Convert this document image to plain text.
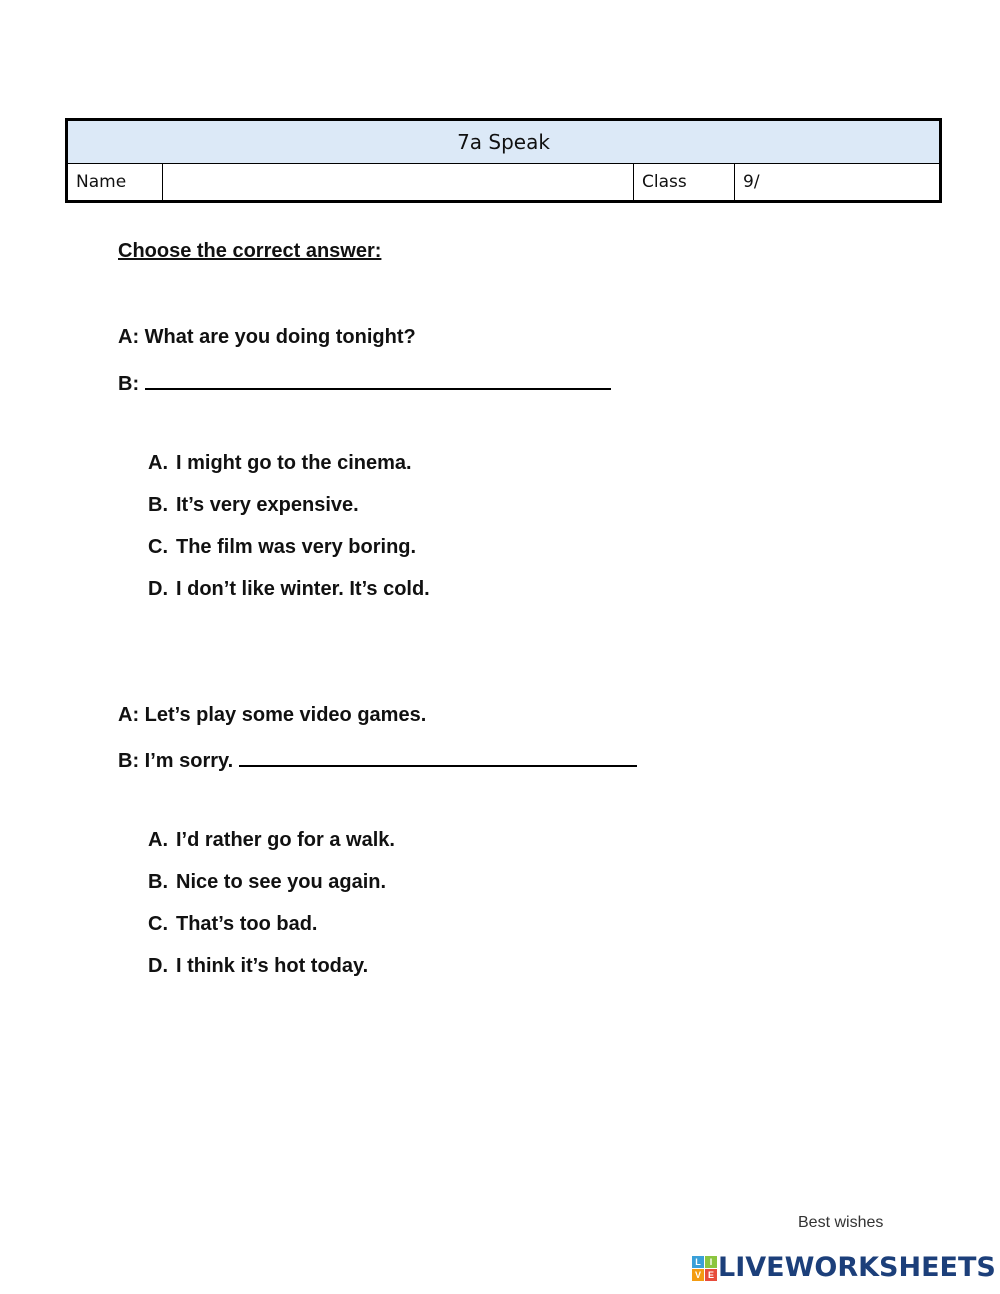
7a Speak
Name		Class	9/
Choose the correct answer:
A: What are you doing tonight?
B:
A. I might go to the cinema.
B. It’s very expensive.
C. The film was very boring.
D. I don’t like winter. It’s cold.
A: Let’s play some video games.
B: I’m sorry.
A. I’d rather go for a walk.
B. Nice to see you again.
C. That’s too bad.
D. I think it’s hot today.
Best wishes
L I
V E LIVEWORKSHEETS
